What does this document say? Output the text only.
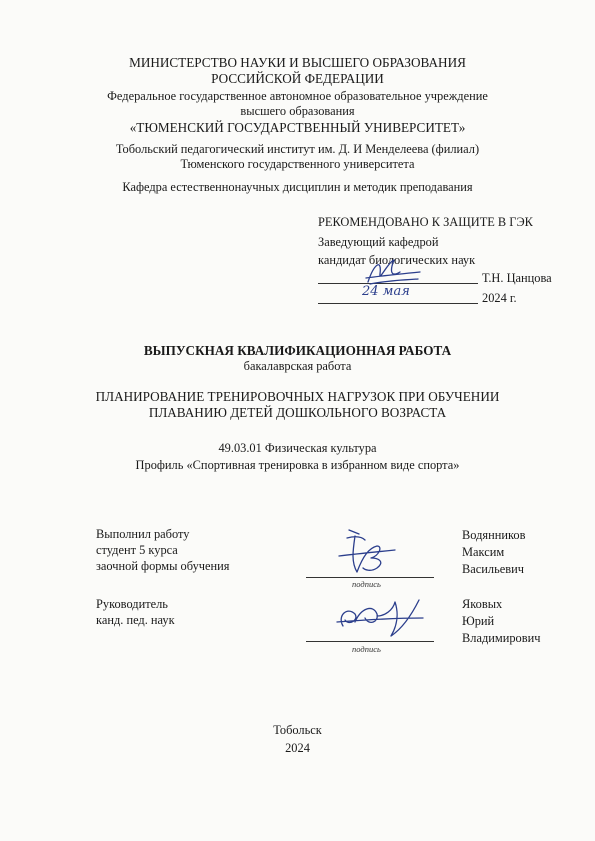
МИНИСТЕРСТВО НАУКИ И ВЫСШЕГО ОБРАЗОВАНИЯ
РОССИЙСКОЙ ФЕДЕРАЦИИ
Федеральное государственное автономное образовательное учреждение
высшего образования
«ТЮМЕНСКИЙ ГОСУДАРСТВЕННЫЙ УНИВЕРСИТЕТ»
Тобольский педагогический институт им. Д. И Менделеева (филиал)
Тюменского государственного университета
Кафедра естественнонаучных дисциплин и методик преподавания
РЕКОМЕНДОВАНО К ЗАЩИТЕ В ГЭК
Заведующий кафедрой
кандидат биологических наук
Т.Н. Цанцова
24 мая	2024 г.
ВЫПУСКНАЯ КВАЛИФИКАЦИОННАЯ РАБОТА
бакалаврская работа
ПЛАНИРОВАНИЕ ТРЕНИРОВОЧНЫХ НАГРУЗОК ПРИ ОБУЧЕНИИ
ПЛАВАНИЮ ДЕТЕЙ ДОШКОЛЬНОГО ВОЗРАСТА
49.03.01 Физическая культура
Профиль «Спортивная тренировка в избранном виде спорта»
Выполнил работу
студент 5 курса
заочной формы обучения
подпись
Водянников
Максим
Васильевич
Руководитель
канд. пед. наук
подпись
Яковых
Юрий
Владимирович
Тобольск
2024
